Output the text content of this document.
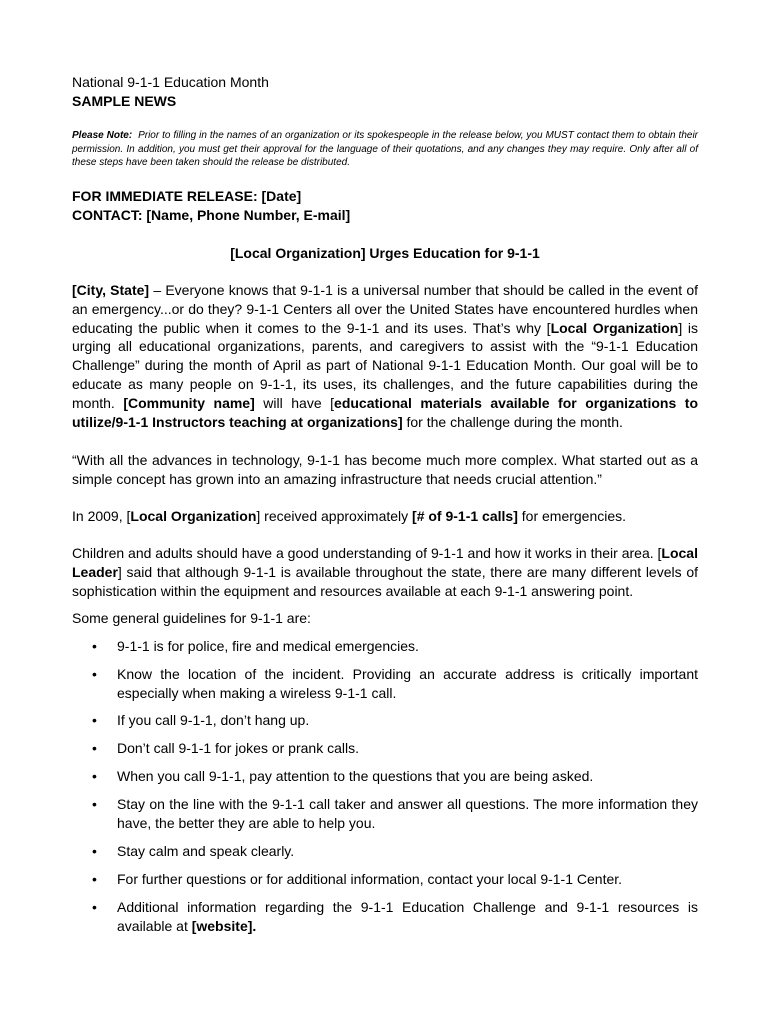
National 9-1-1 Education Month
SAMPLE NEWS
Please Note: Prior to filling in the names of an organization or its spokespeople in the release below, you MUST contact them to obtain their permission. In addition, you must get their approval for the language of their quotations, and any changes they may require. Only after all of these steps have been taken should the release be distributed.
FOR IMMEDIATE RELEASE: [Date]
CONTACT: [Name, Phone Number, E-mail]
[Local Organization] Urges Education for 9-1-1
[City, State] – Everyone knows that 9-1-1 is a universal number that should be called in the event of an emergency...or do they? 9-1-1 Centers all over the United States have encountered hurdles when educating the public when it comes to the 9-1-1 and its uses. That’s why [Local Organization] is urging all educational organizations, parents, and caregivers to assist with the “9-1-1 Education Challenge” during the month of April as part of National 9-1-1 Education Month. Our goal will be to educate as many people on 9-1-1, its uses, its challenges, and the future capabilities during the month. [Community name] will have [educational materials available for organizations to utilize/9-1-1 Instructors teaching at organizations] for the challenge during the month.
“With all the advances in technology, 9-1-1 has become much more complex. What started out as a simple concept has grown into an amazing infrastructure that needs crucial attention.”
In 2009, [Local Organization] received approximately [# of 9-1-1 calls] for emergencies.
Children and adults should have a good understanding of 9-1-1 and how it works in their area. [Local Leader] said that although 9-1-1 is available throughout the state, there are many different levels of sophistication within the equipment and resources available at each 9-1-1 answering point.
Some general guidelines for 9-1-1 are:
• 9-1-1 is for police, fire and medical emergencies.
• Know the location of the incident. Providing an accurate address is critically important especially when making a wireless 9-1-1 call.
• If you call 9-1-1, don’t hang up.
• Don’t call 9-1-1 for jokes or prank calls.
• When you call 9-1-1, pay attention to the questions that you are being asked.
• Stay on the line with the 9-1-1 call taker and answer all questions. The more information they have, the better they are able to help you.
• Stay calm and speak clearly.
• For further questions or for additional information, contact your local 9-1-1 Center.
• Additional information regarding the 9-1-1 Education Challenge and 9-1-1 resources is available at [website].
